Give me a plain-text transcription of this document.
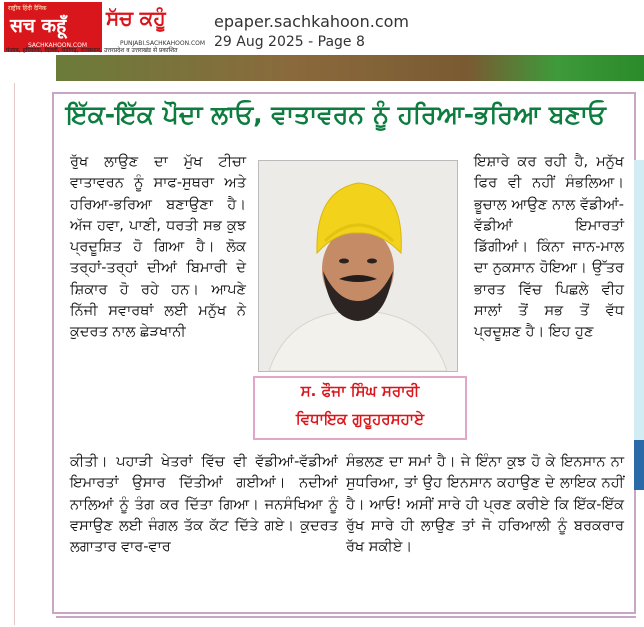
राष्ट्रीय हिंदी दैनिक
सच कहूँ
SACHKAHOON.COM
ਸੱਚ ਕਹੂੰ
PUNJABI.SACHKAHOON.COM
पंजाब, हरियाणा, दिल्ली, चंडीगढ़, राजस्थान, उत्तरप्रदेश व उत्तराखंड से प्रकाशित
epaper.sachkahoon.com
29 Aug 2025 - Page 8
ਇੱਕ-ਇੱਕ ਪੌਦਾ ਲਾਓ, ਵਾਤਾਵਰਨ ਨੂੰ ਹਰਿਆ-ਭਰਿਆ ਬਣਾਓ
ਰੁੱਖ ਲਾਉਣ ਦਾ ਮੁੱਖ ਟੀਚਾ ਵਾਤਾਵਰਨ ਨੂੰ ਸਾਫ-ਸੁਥਰਾ ਅਤੇ ਹਰਿਆ-ਭਰਿਆ ਬਣਾਉਣਾ ਹੈ। ਅੱਜ ਹਵਾ, ਪਾਣੀ, ਧਰਤੀ ਸਭ ਕੁਝ ਪ੍ਰਦੂਸ਼ਿਤ ਹੋ ਗਿਆ ਹੈ। ਲੋਕ ਤਰ੍ਹਾਂ-ਤਰ੍ਹਾਂ ਦੀਆਂ ਬਿਮਾਰੀ ਦੇ ਸ਼ਿਕਾਰ ਹੋ ਰਹੇ ਹਨ। ਆਪਣੇ ਨਿੱਜੀ ਸਵਾਰਥਾਂ ਲਈ ਮਨੁੱਖ ਨੇ ਕੁਦਰਤ ਨਾਲ ਛੇੜਖਾਨੀ
ਸ. ਫੌਜਾ ਸਿੰਘ ਸਰਾਰੀ
ਵਿਧਾਇਕ ਗੁਰੂਹਰਸਹਾਏ
ਇਸ਼ਾਰੇ ਕਰ ਰਹੀ ਹੈ, ਮਨੁੱਖ ਫਿਰ ਵੀ ਨਹੀਂ ਸੰਭਲਿਆ। ਭੂਚਾਲ ਆਉਣ ਨਾਲ ਵੱਡੀਆਂ-ਵੱਡੀਆਂ ਇਮਾਰਤਾਂ ਡਿੱਗੀਆਂ। ਕਿੰਨਾ ਜਾਨ-ਮਾਲ ਦਾ ਨੁਕਸਾਨ ਹੋਇਆ। ਉੱਤਰ ਭਾਰਤ ਵਿੱਚ ਪਿਛਲੇ ਵੀਹ ਸਾਲਾਂ ਤੋਂ ਸਭ ਤੋਂ ਵੱਧ ਪ੍ਰਦੂਸ਼ਣ ਹੈ। ਇਹ ਹੁਣ
ਕੀਤੀ। ਪਹਾੜੀ ਖੇਤਰਾਂ ਵਿੱਚ ਵੀ ਵੱਡੀਆਂ-ਵੱਡੀਆਂ ਇਮਾਰਤਾਂ ਉਸਾਰ ਦਿੱਤੀਆਂ ਗਈਆਂ। ਨਦੀਆਂ ਨਾਲਿਆਂ ਨੂੰ ਤੰਗ ਕਰ ਦਿੱਤਾ ਗਿਆ। ਜਨਸੰਖਿਆ ਨੂੰ ਵਸਾਉਣ ਲਈ ਜੰਗਲ ਤੱਕ ਕੱਟ ਦਿੱਤੇ ਗਏ। ਕੁਦਰਤ ਲਗਾਤਾਰ ਵਾਰ-ਵਾਰ
ਸੰਭਲਣ ਦਾ ਸਮਾਂ ਹੈ। ਜੇ ਇੰਨਾ ਕੁਝ ਹੋ ਕੇ ਇਨਸਾਨ ਨਾ ਸੁਧਰਿਆ, ਤਾਂ ਉਹ ਇਨਸਾਨ ਕਹਾਉਣ ਦੇ ਲਾਇਕ ਨਹੀਂ ਹੈ। ਆਓ! ਅਸੀਂ ਸਾਰੇ ਹੀ ਪ੍ਰਣ ਕਰੀਏ ਕਿ ਇੱਕ-ਇੱਕ ਰੁੱਖ ਸਾਰੇ ਹੀ ਲਾਉਣ ਤਾਂ ਜੋ ਹਰਿਆਲੀ ਨੂੰ ਬਰਕਰਾਰ ਰੱਖ ਸਕੀਏ।
